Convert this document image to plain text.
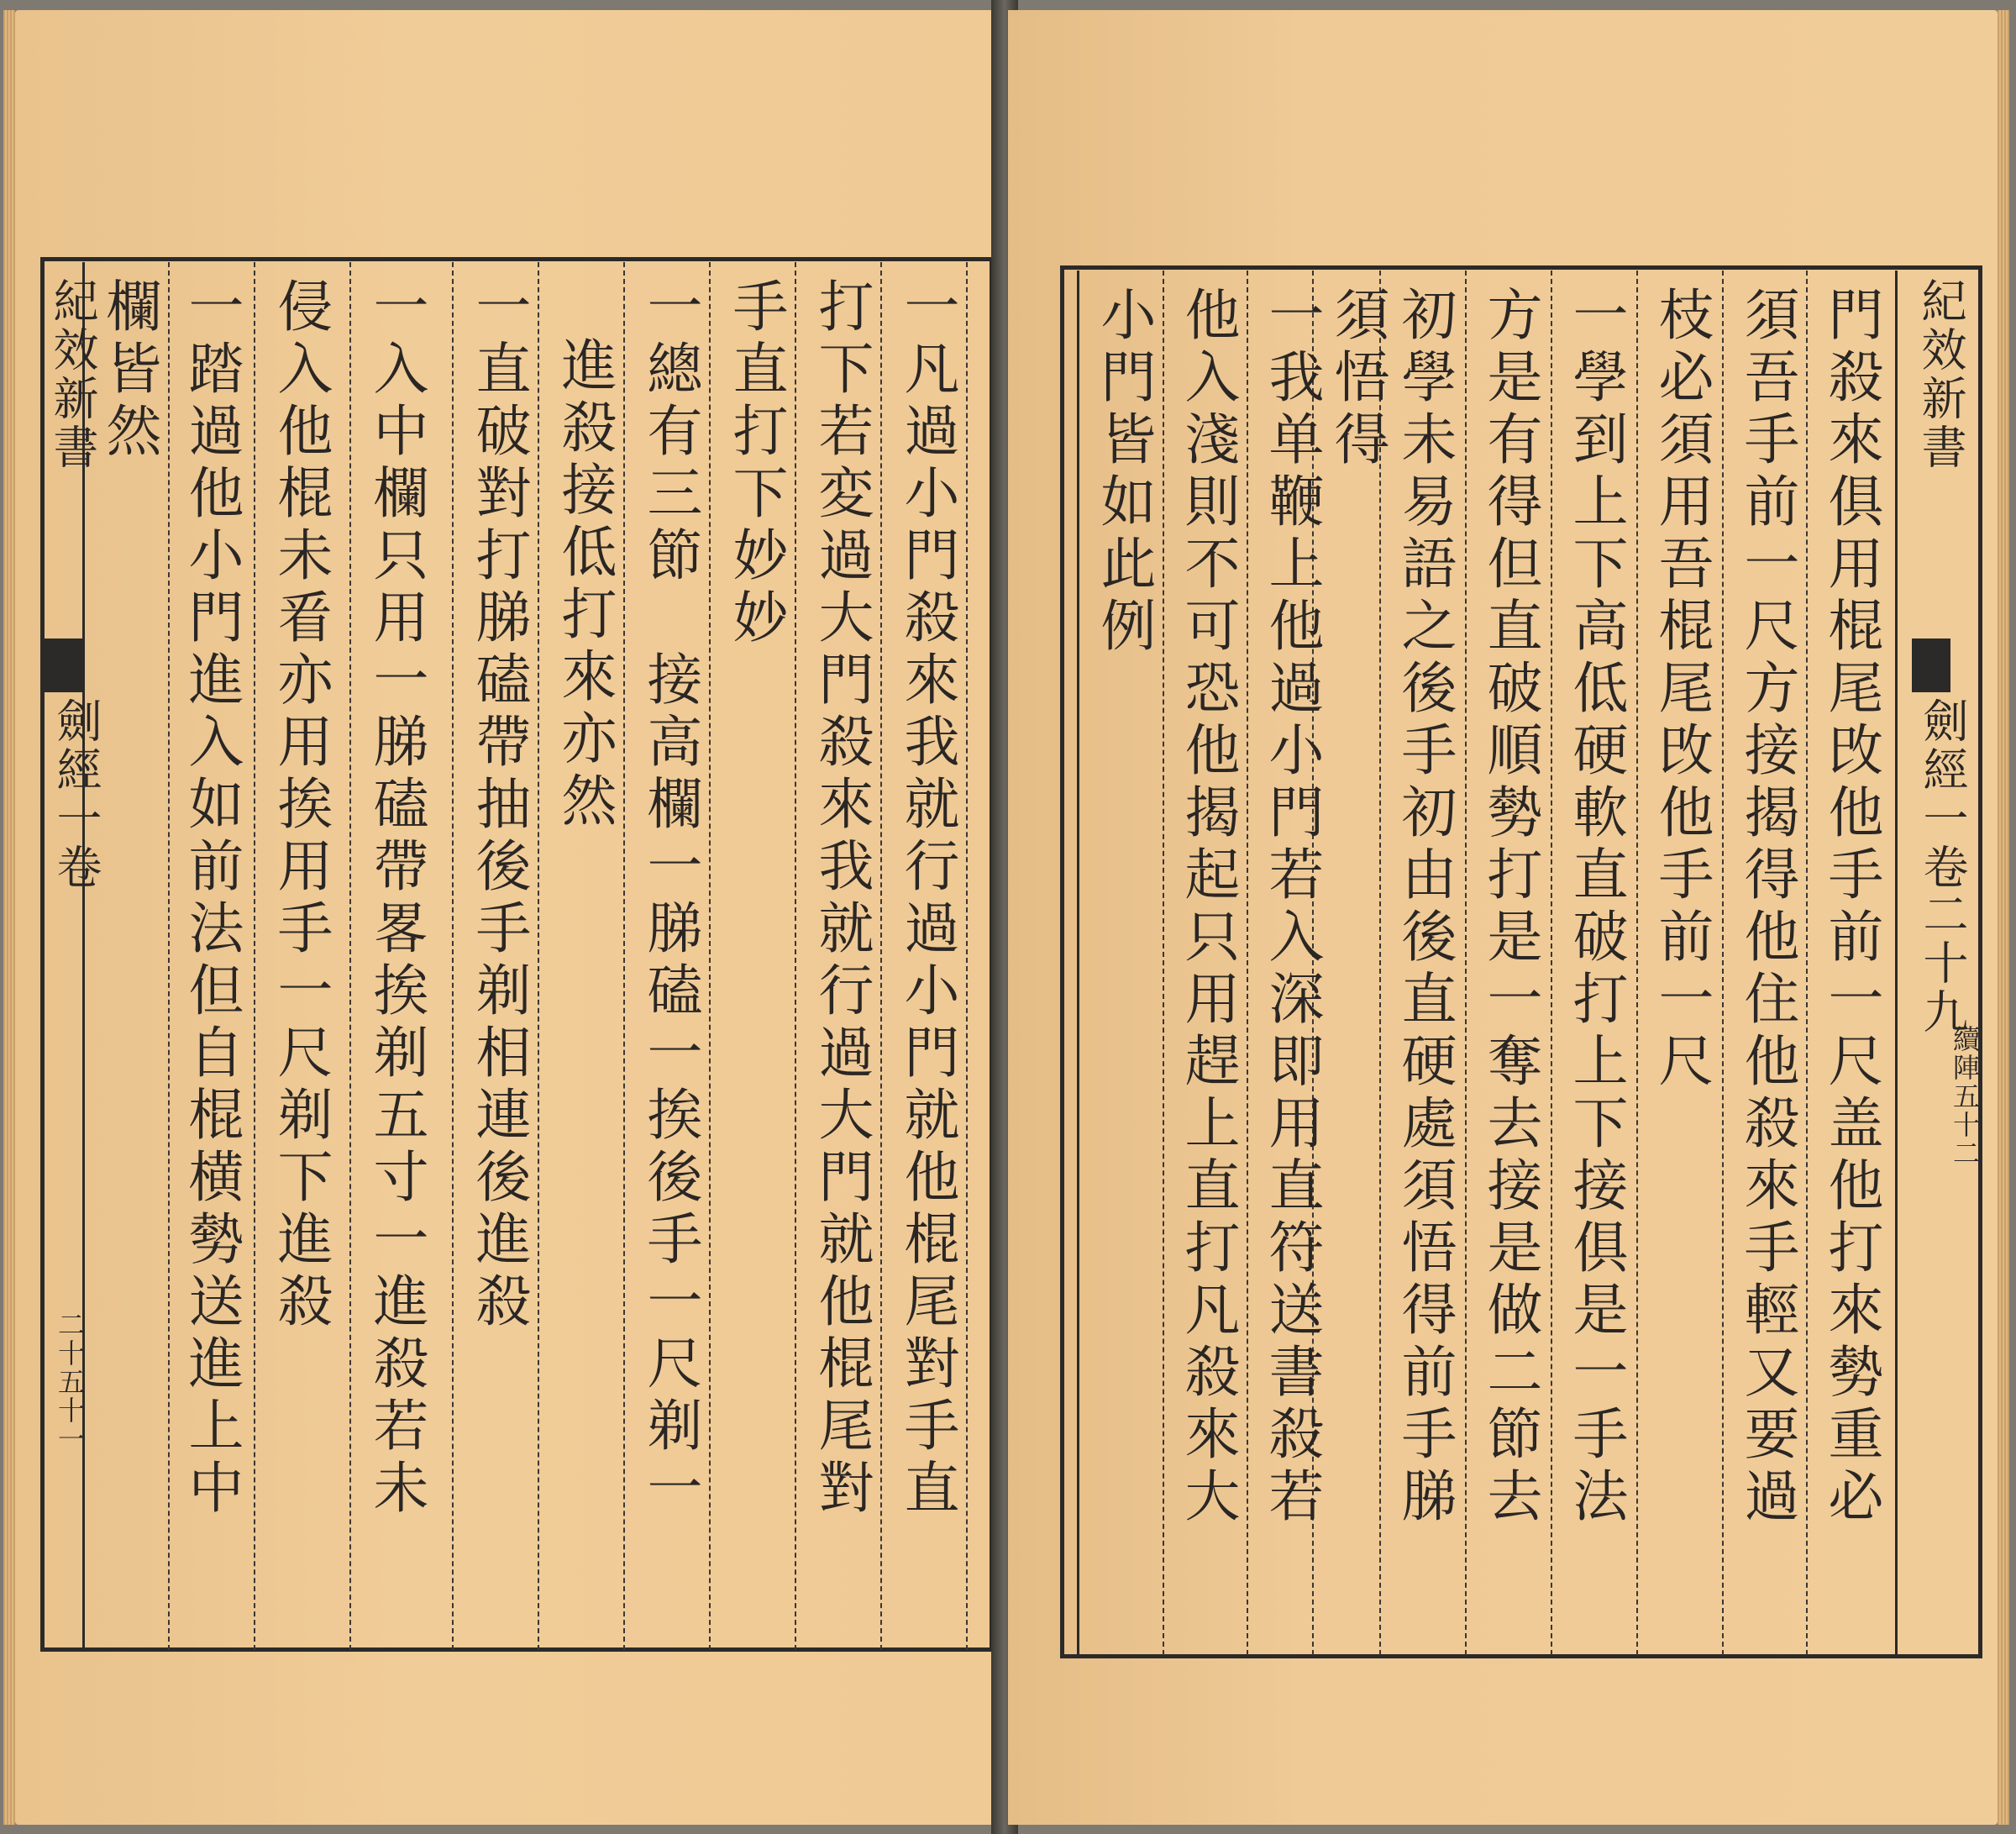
紀效新書
劍經一卷
二十五十一	一凡過小門殺來我就行過小門就他棍尾對手直
打下若変過大門殺來我就行過大門就他棍尾對
手直打下妙妙
一總有三節　接高欄一䏲磕一挨後手一尺剃一
進殺接低打來亦然
一直破對打䏲磕帶抽後手剃相連後進殺
一入中欄只用一䏲磕帶畧挨剃五寸一進殺若未
侵入他棍未㸔亦用挨用手一尺剃下進殺
一踏過他小門進入如前法但自棍横勢送進上中
欄皆然	門殺來俱用棍尾攺他手前一尺盖他打來勢重必
須吾手前一尺方接揭得他住他殺來手輕又要過
枝必須用吾棍尾攺他手前一尺
一學到上下高低硬軟直破打上下接俱是一手法
方是有得但直破順勢打是一奪去接是做二節去
初學未易語之後手初由後直硬處須悟得前手䏲
須悟得
一我单鞭上他過小門若入深即用直符送書殺若
他入淺則不可恐他揭起只用趕上直打凡殺來大
小門皆如此例	紀效新書
劍經一卷
二十九
續陣五十二
